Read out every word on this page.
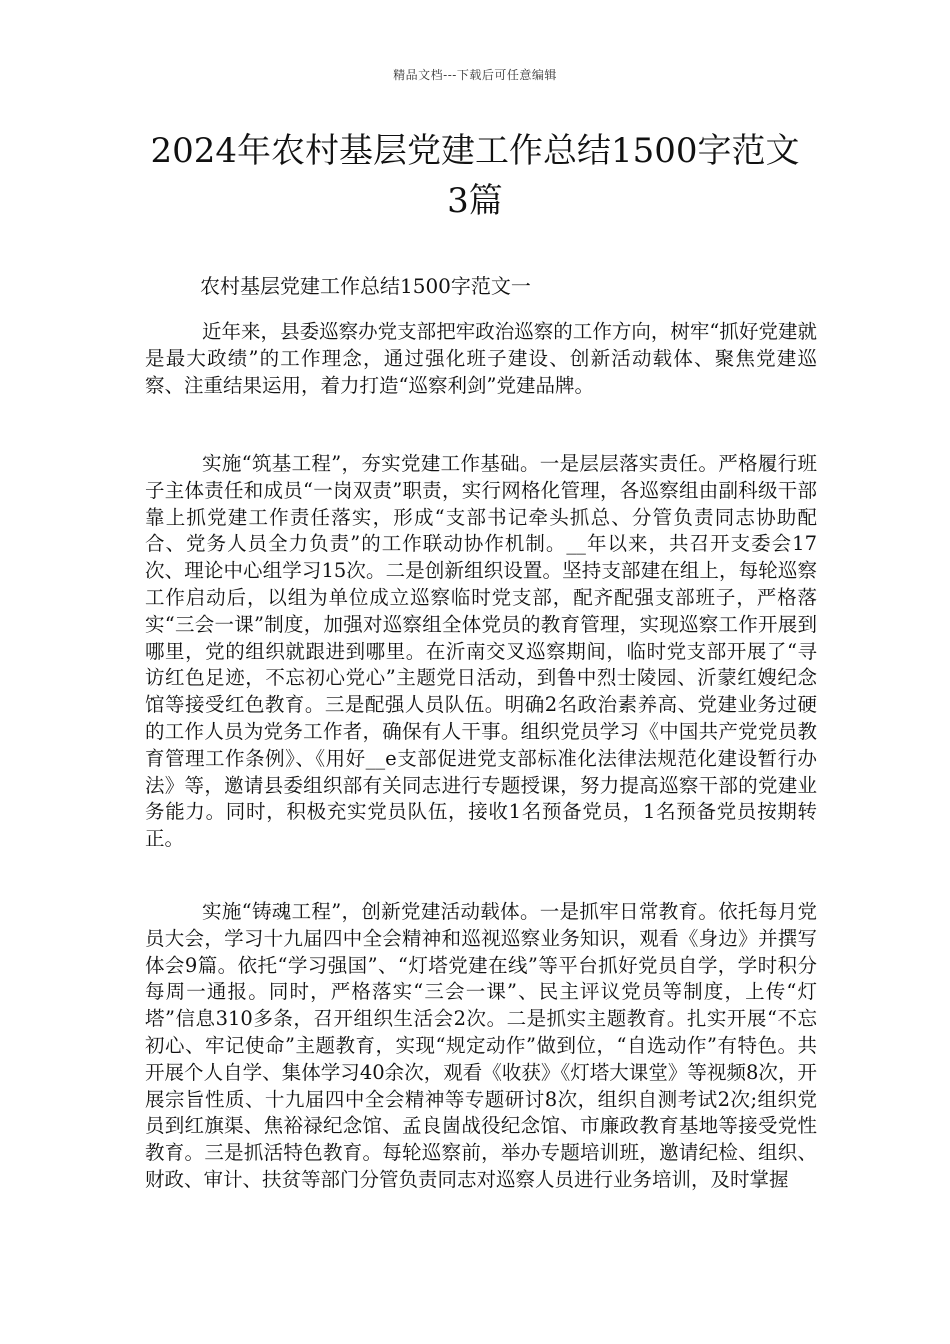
精品文档---下载后可任意编辑
2024年农村基层党建工作总结1500字范文
3篇

农村基层党建工作总结1500字范文一

近年来，县委巡察办党支部把牢政治巡察的工作方向，树牢“抓好党建就是最大政绩”的工作理念，通过强化班子建设、创新活动载体、聚焦党建巡察、注重结果运用，着力打造“巡察利剑”党建品牌。

实施“筑基工程”，夯实党建工作基础。一是层层落实责任。严格履行班子主体责任和成员“一岗双责”职责，实行网格化管理，各巡察组由副科级干部靠上抓党建工作责任落实，形成“支部书记牵头抓总、分管负责同志协助配合、党务人员全力负责”的工作联动协作机制。__年以来，共召开支委会17次、理论中心组学习15次。二是创新组织设置。坚持支部建在组上，每轮巡察工作启动后，以组为单位成立巡察临时党支部，配齐配强支部班子，严格落实“三会一课”制度，加强对巡察组全体党员的教育管理，实现巡察工作开展到哪里，党的组织就跟进到哪里。在沂南交叉巡察期间，临时党支部开展了“寻访红色足迹，不忘初心党心”主题党日活动，到鲁中烈士陵园、沂蒙红嫂纪念馆等接受红色教育。三是配强人员队伍。明确2名政治素养高、党建业务过硬的工作人员为党务工作者，确保有人干事。组织党员学习《中国共产党党员教育管理工作条例》、《用好__e支部促进党支部标准化法律法规范化建设暂行办法》等，邀请县委组织部有关同志进行专题授课，努力提高巡察干部的党建业务能力。同时，积极充实党员队伍，接收1名预备党员，1名预备党员按期转正。

实施“铸魂工程”，创新党建活动载体。一是抓牢日常教育。依托每月党员大会，学习十九届四中全会精神和巡视巡察业务知识，观看《身边》并撰写体会9篇。依托“学习强国”、“灯塔党建在线”等平台抓好党员自学，学时积分每周一通报。同时，严格落实“三会一课”、民主评议党员等制度，上传“灯塔”信息310多条，召开组织生活会2次。二是抓实主题教育。扎实开展“不忘初心、牢记使命”主题教育，实现“规定动作”做到位，“自选动作”有特色。共开展个人自学、集体学习40余次，观看《收获》《灯塔大课堂》等视频8次，开展宗旨性质、十九届四中全会精神等专题研讨8次，组织自测考试2次;组织党员到红旗渠、焦裕禄纪念馆、孟良崮战役纪念馆、市廉政教育基地等接受党性教育。三是抓活特色教育。每轮巡察前，举办专题培训班，邀请纪检、组织、财政、审计、扶贫等部门分管负责同志对巡察人员进行业务培训，及时掌握
